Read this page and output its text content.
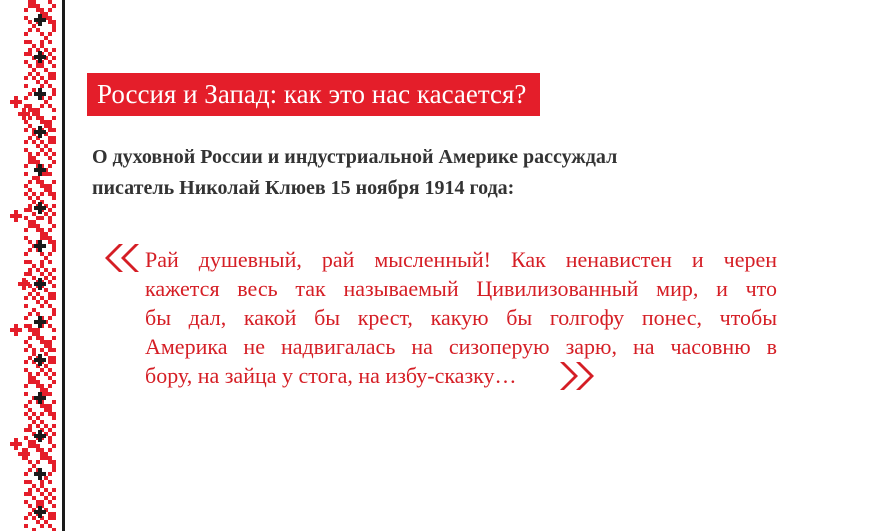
Россия и Запад: как это нас касается?
О духовной России и индустриальной Америке рассуждал
писатель Николай Клюев 15 ноября 1914 года:
Рай душевный, рай мысленный! Как ненавистен и черен
кажется весь так называемый Цивилизованный мир, и что
бы дал, какой бы крест, какую бы голгофу понес, чтобы
Америка не надвигалась на сизоперую зарю, на часовню в
бору, на зайца у стога, на избу-сказку…
